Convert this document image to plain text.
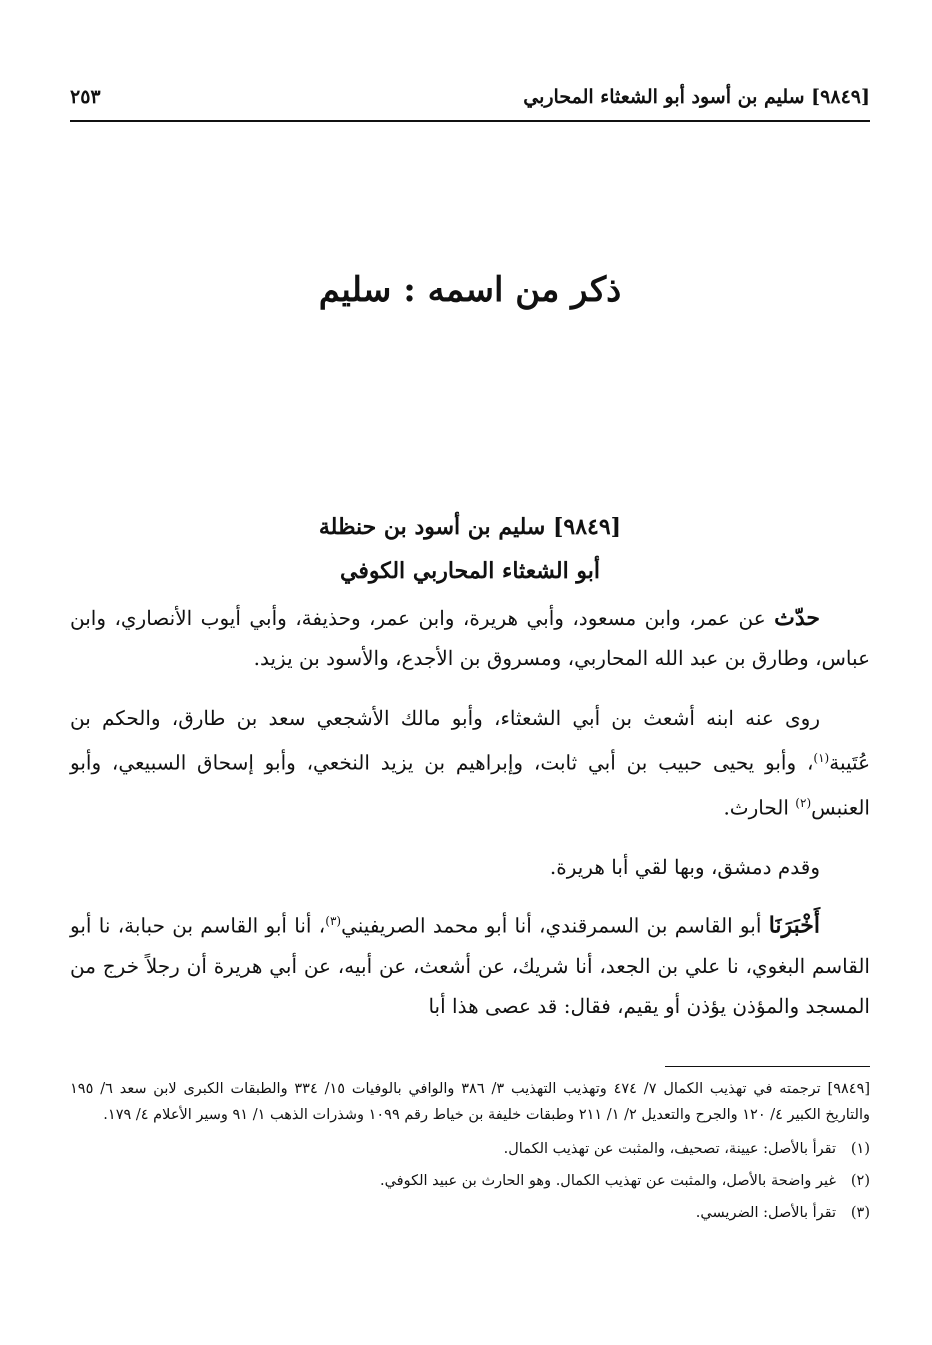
[٩٨٤٩] سليم بن أسود أبو الشعثاء المحاربي
٢٥٣
ذكر من اسمه : سليم
[٩٨٤٩] سليم بن أسود بن حنظلة
أبو الشعثاء المحاربي الكوفي

حدّث عن عمر، وابن مسعود، وأبي هريرة، وابن عمر، وحذيفة، وأبي أيوب الأنصاري، وابن عباس، وطارق بن عبد الله المحاربي، ومسروق بن الأجدع، والأسود بن يزيد.

روى عنه ابنه أشعث بن أبي الشعثاء، وأبو مالك الأشجعي سعد بن طارق، والحكم بن عُتَيبة$^{(١)}$، وأبو يحيى حبيب بن أبي ثابت، وإبراهيم بن يزيد النخعي، وأبو إسحاق السبيعي، وأبو العنبس$^{(٢)}$ الحارث.

وقدم دمشق، وبها لقي أبا هريرة.

أَخْبَرَنَا أبو القاسم بن السمرقندي، أنا أبو محمد الصريفيني$^{(٣)}$، أنا أبو القاسم بن حبابة، نا أبو القاسم البغوي، نا علي بن الجعد، أنا شريك، عن أشعث، عن أبيه، عن أبي هريرة أن رجلاً خرج من المسجد والمؤذن يؤذن أو يقيم، فقال: قد عصى هذا أبا

[٩٨٤٩] ترجمته في تهذيب الكمال ٧/ ٤٧٤ وتهذيب التهذيب ٣/ ٣٨٦ والوافي بالوفيات ١٥/ ٣٣٤ والطبقات الكبرى لابن سعد ٦/ ١٩٥ والتاريخ الكبير ٤/ ١٢٠ والجرح والتعديل ٢/ ١/ ٢١١ وطبقات خليفة بن خياط رقم ١٠٩٩ وشذرات الذهب ١/ ٩١ وسير الأعلام ٤/ ١٧٩.

(١)تقرأ بالأصل: عيينة، تصحيف، والمثبت عن تهذيب الكمال.

(٢)غير واضحة بالأصل، والمثبت عن تهذيب الكمال. وهو الحارث بن عبيد الكوفي.

(٣)تقرأ بالأصل: الضريسي.
